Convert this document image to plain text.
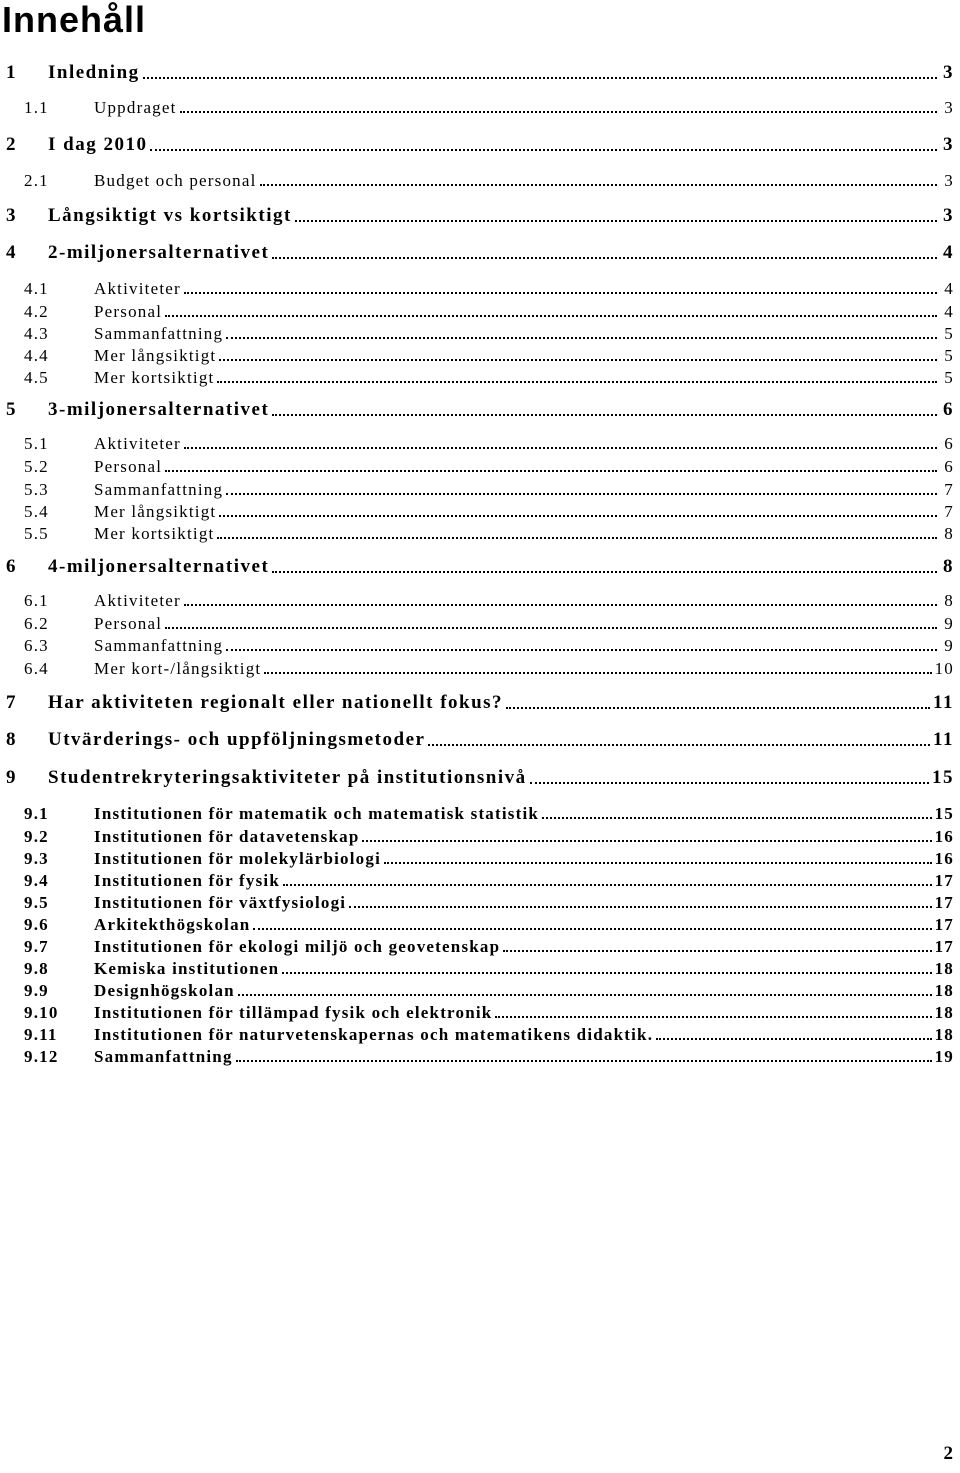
Innehåll
1	Inledning	3
1.1	Uppdraget	3
2	I dag 2010	3
2.1	Budget och personal	3
3	Långsiktigt vs kortsiktigt	3
4	2-miljonersalternativet	4
4.1	Aktiviteter	4
4.2	Personal	4
4.3	Sammanfattning	5
4.4	Mer långsiktigt	5
4.5	Mer kortsiktigt	5
5	3-miljonersalternativet	6
5.1	Aktiviteter	6
5.2	Personal	6
5.3	Sammanfattning	7
5.4	Mer långsiktigt	7
5.5	Mer kortsiktigt	8
6	4-miljonersalternativet	8
6.1	Aktiviteter	8
6.2	Personal	9
6.3	Sammanfattning	9
6.4	Mer kort-/långsiktigt	10
7	Har aktiviteten regionalt eller nationellt fokus?	11
8	Utvärderings- och uppföljningsmetoder	11
9	Studentrekryteringsaktiviteter på institutionsnivå	15
9.1	Institutionen för matematik och matematisk statistik	15
9.2	Institutionen för datavetenskap	16
9.3	Institutionen för molekylärbiologi	16
9.4	Institutionen för fysik	17
9.5	Institutionen för växtfysiologi	17
9.6	Arkitekthögskolan	17
9.7	Institutionen för ekologi miljö och geovetenskap	17
9.8	Kemiska institutionen	18
9.9	Designhögskolan	18
9.10	Institutionen för tillämpad fysik och elektronik	18
9.11	Institutionen för naturvetenskapernas och matematikens didaktik.	18
9.12	Sammanfattning	19
2
